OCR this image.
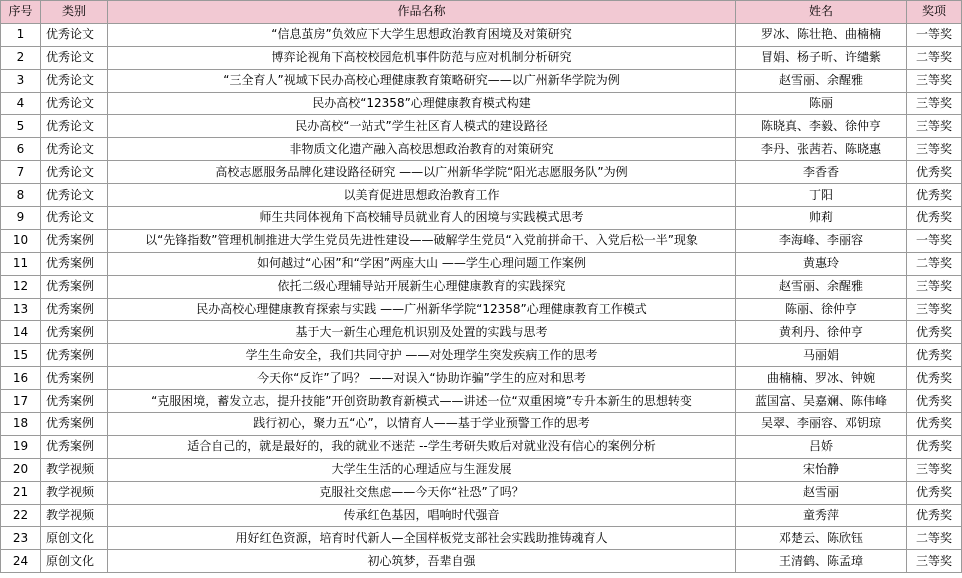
序号	类别	作品名称	姓名	奖项
1	优秀论文	“信息茧房”负效应下大学生思想政治教育困境及对策研究	罗冰、陈壮艳、曲楠楠	一等奖
2	优秀论文	博弈论视角下高校校园危机事件防范与应对机制分析研究	冒娟、杨子昕、许缱紫	二等奖
3	优秀论文	“三全育人”视域下民办高校心理健康教育策略研究——以广州新华学院为例	赵雪丽、余醒雅	三等奖
4	优秀论文	民办高校“12358”心理健康教育模式构建	陈丽	三等奖
5	优秀论文	民办高校“一站式”学生社区育人模式的建设路径	陈晓真、李毅、徐仲亨	三等奖
6	优秀论文	非物质文化遗产融入高校思想政治教育的对策研究	李丹、张茜若、陈晓惠	三等奖
7	优秀论文	高校志愿服务品牌化建设路径研究 ——以广州新华学院“阳光志愿服务队”为例	李香香	优秀奖
8	优秀论文	以美育促进思想政治教育工作	丁阳	优秀奖
9	优秀论文	师生共同体视角下高校辅导员就业育人的困境与实践模式思考	帅莉	优秀奖
10	优秀案例	以“先锋指数”管理机制推进大学生党员先进性建设——破解学生党员“入党前拼命干、入党后松一半”现象	李海峰、李丽容	一等奖
11	优秀案例	如何越过“心困”和“学困”两座大山 ——学生心理问题工作案例	黄惠玲	二等奖
12	优秀案例	依托二级心理辅导站开展新生心理健康教育的实践探究	赵雪丽、余醒雅	三等奖
13	优秀案例	民办高校心理健康教育探索与实践 ——广州新华学院“12358”心理健康教育工作模式	陈丽、徐仲亨	三等奖
14	优秀案例	基于大一新生心理危机识别及处置的实践与思考	黄利丹、徐仲亨	优秀奖
15	优秀案例	学生生命安全，我们共同守护 ——对处理学生突发疾病工作的思考	马丽娟	优秀奖
16	优秀案例	今天你“反诈”了吗？ ——对误入“协助诈骗”学生的应对和思考	曲楠楠、罗冰、钟婉	优秀奖
17	优秀案例	“克服困境，蓄发立志，提升技能”开创资助教育新模式——讲述一位“双重困境”专升本新生的思想转变	蓝国富、吴嘉斓、陈伟峰	优秀奖
18	优秀案例	践行初心，聚力五“心”，以情育人——基于学业预警工作的思考	吴翠、李丽容、邓钥琼	优秀奖
19	优秀案例	适合自己的，就是最好的，我的就业不迷茫 --学生考研失败后对就业没有信心的案例分析	吕娇	优秀奖
20	教学视频	大学生生活的心理适应与生涯发展	宋怡静	三等奖
21	教学视频	克服社交焦虑——今天你“社恐”了吗？	赵雪丽	优秀奖
22	教学视频	传承红色基因，唱响时代强音	童秀萍	优秀奖
23	原创文化	用好红色资源，培育时代新人—全国样板党支部社会实践助推铸魂育人	邓楚云、陈欣钰	二等奖
24	原创文化	初心筑梦，吾辈自强	王清鹤、陈孟璋	三等奖
